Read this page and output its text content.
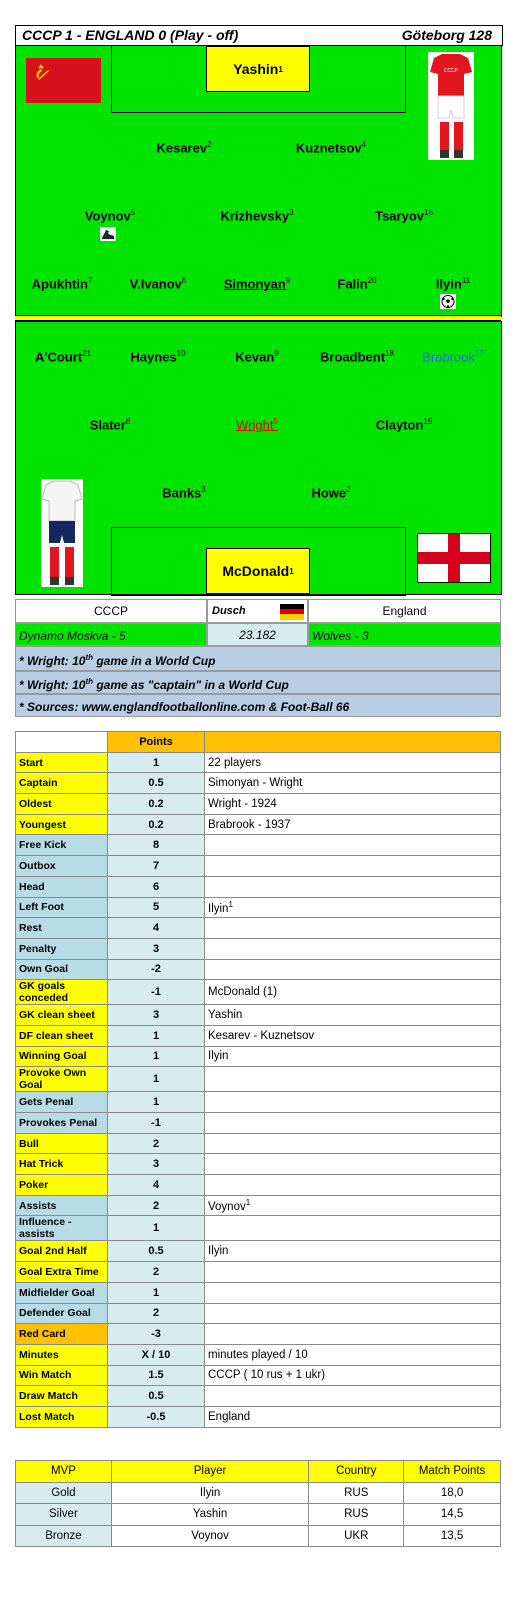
CCCP 1 - ENGLAND 0 (Play - off)	Göteborg 128
Yashin 1	CCCP
Kesarev$^2$	Kuznetsov$^4$
Voynov$^5$	Krizhevsky$^3$	Tsaryov$^{16}$
Apukhtin$^7$	V.Ivanov$^8$	Simonyan$^9$	Falin$^{20}$	Ilyin$^{11}$
McDonald 1
A'Court$^{21}$	Haynes$^{10}$	Kevan$^9$	Broadbent$^{18}$ Brabrook$^{17}$
Slater$^6$	Wright$^5$	Clayton$^{15}$
Banks$^3$	Howe$^2$
CCCP	Dusch	England
Dynamo Moskva - 5	23.182	Wolves - 3
* Wright: 10th game in a World Cup
* Wright: 10th game as "captain" in a World Cup
* Sources: www.englandfootballonline.com & Foot-Ball 66
	Points	
Start	1	22 players
Captain	0.5	Simonyan - Wright
Oldest	0.2	Wright - 1924
Youngest	0.2	Brabrook - 1937
Free Kick	8	
Outbox	7	
Head	6	
Left Foot	5	Ilyin$^1$
Rest	4	
Penalty	3	
Own Goal	-2	
GK goals conceded	-1	McDonald (1)
GK clean sheet	3	Yashin
DF clean sheet	1	Kesarev - Kuznetsov
Winning Goal	1	Ilyin
Provoke Own Goal	1	
Gets Penal	1	
Provokes Penal	-1	
Bull	2	
Hat Trick	3	
Poker	4	
Assists	2	Voynov$^1$
Influence - assists	1	
Goal 2nd Half	0.5	Ilyin
Goal Extra Time	2	
Midfielder Goal	1	
Defender Goal	2	
Red Card	-3	
Minutes	X / 10	minutes played / 10
Win Match	1.5	CCCP ( 10 rus + 1 ukr)
Draw Match	0.5	
Lost Match	-0.5	England
MVP	Player	Country	Match Points
Gold	Ilyin	RUS	18,0
Silver	Yashin	RUS	14,5
Bronze	Voynov	UKR	13,5
